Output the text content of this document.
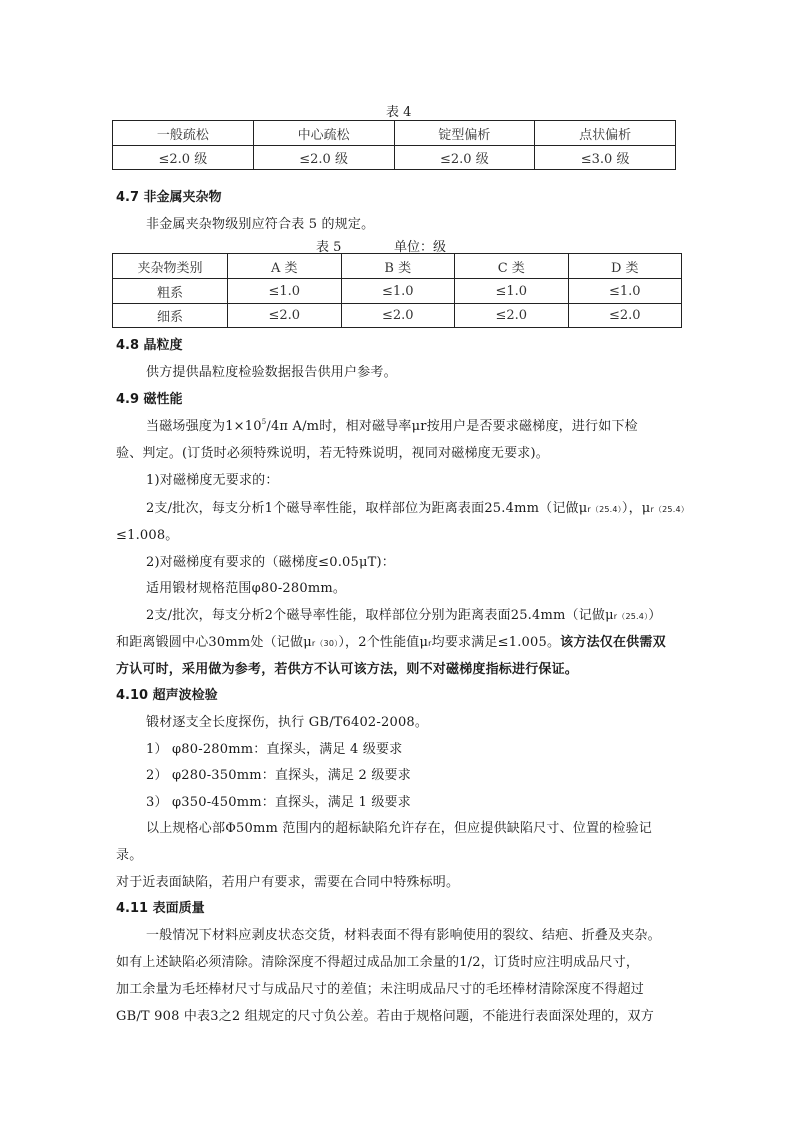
表 4
一般疏松	中心疏松	锭型偏析	点状偏析
≤2.0 级	≤2.0 级	≤2.0 级	≤3.0 级
4.7 非金属夹杂物
非金属夹杂物级别应符合表 5 的规定。
表 5	单位：级
夹杂物类别	A 类	B 类	C 类	D 类
粗系	≤1.0	≤1.0	≤1.0	≤1.0
细系	≤2.0	≤2.0	≤2.0	≤2.0
4.8 晶粒度
供方提供晶粒度检验数据报告供用户参考。
4.9 磁性能
当磁场强度为$1\times 10^5/4\pi$ A/m时，相对磁导率μr按用户是否要求磁梯度，进行如下检
验、判定。(订货时必须特殊说明，若无特殊说明，视同对磁梯度无要求)。
1)对磁梯度无要求的：
2支/批次，每支分析1个磁导率性能，取样部位为距离表面25.4mm（记做μr（25.4）），μr（25.4）
≤1.008。
2)对磁梯度有要求的（磁梯度≤0.05μT)：
适用锻材规格范围φ80-280mm。
2支/批次，每支分析2个磁导率性能，取样部位分别为距离表面25.4mm（记做μr（25.4））
和距离锻圆中心30mm处（记做μr（30）），2个性能值μr均要求满足≤1.005。该方法仅在供需双
方认可时，采用做为参考，若供方不认可该方法，则不对磁梯度指标进行保证。
4.10 超声波检验
锻材逐支全长度探伤，执行 GB/T6402-2008。
1） φ80-280mm：直探头，满足 4 级要求
2） φ280-350mm：直探头，满足 2 级要求
3） φ350-450mm：直探头，满足 1 级要求
以上规格心部Φ50mm 范围内的超标缺陷允许存在，但应提供缺陷尺寸、位置的检验记
录。
对于近表面缺陷，若用户有要求，需要在合同中特殊标明。
4.11 表面质量
一般情况下材料应剥皮状态交货，材料表面不得有影响使用的裂纹、结疤、折叠及夹杂。
如有上述缺陷必须清除。清除深度不得超过成品加工余量的1/2，订货时应注明成品尺寸，
加工余量为毛坯棒材尺寸与成品尺寸的差值；未注明成品尺寸的毛坯棒材清除深度不得超过
GB/T 908 中表3之2 组规定的尺寸负公差。若由于规格问题，不能进行表面深处理的，双方
